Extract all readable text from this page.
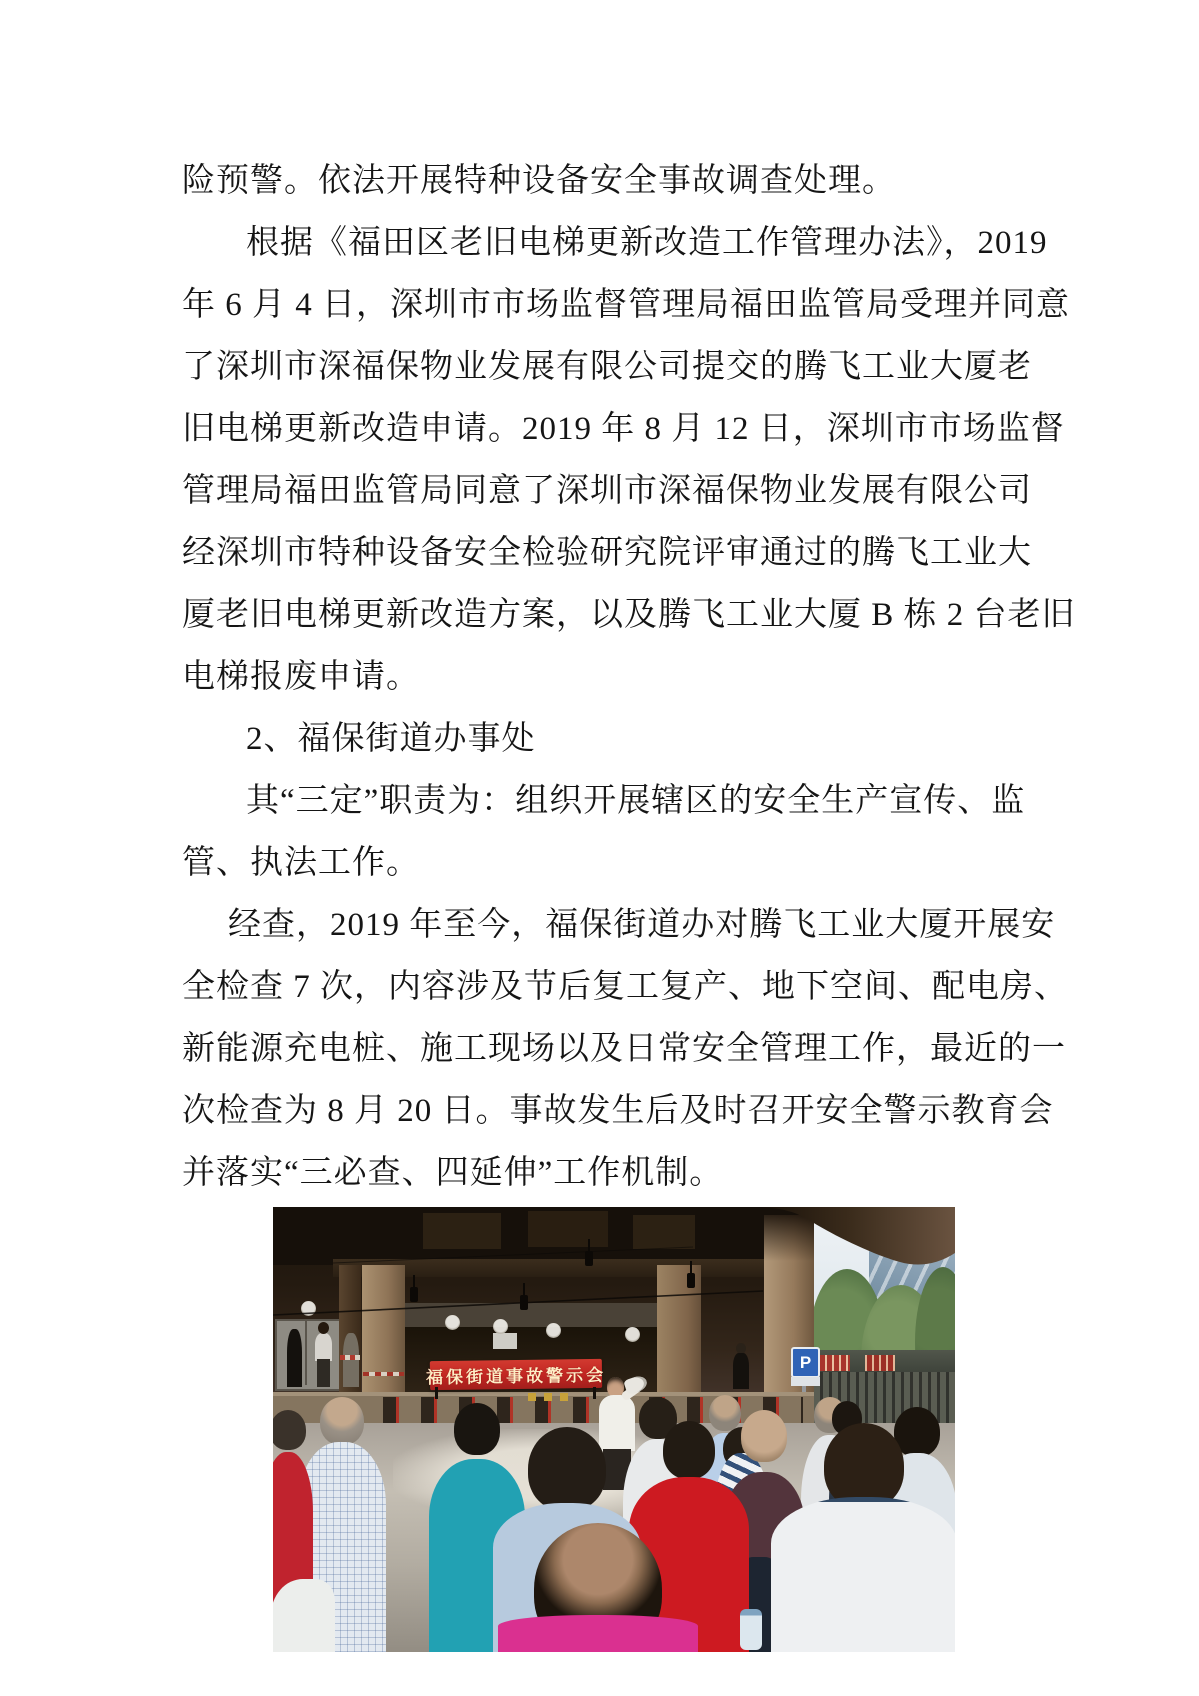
险预警。依法开展特种设备安全事故调查处理。
根据《福田区老旧电梯更新改造工作管理办法》，2019
年 6 月 4 日，深圳市市场监督管理局福田监管局受理并同意
了深圳市深福保物业发展有限公司提交的腾飞工业大厦老
旧电梯更新改造申请。2019 年 8 月 12 日，深圳市市场监督
管理局福田监管局同意了深圳市深福保物业发展有限公司
经深圳市特种设备安全检验研究院评审通过的腾飞工业大
厦老旧电梯更新改造方案，以及腾飞工业大厦 B 栋 2 台老旧
电梯报废申请。
2、福保街道办事处
其“三定”职责为：组织开展辖区的安全生产宣传、监
管、执法工作。
经查，2019 年至今，福保街道办对腾飞工业大厦开展安
全检查 7 次，内容涉及节后复工复产、地下空间、配电房、
新能源充电桩、施工现场以及日常安全管理工作，最近的一
次检查为 8 月 20 日。事故发生后及时召开安全警示教育会
并落实“三必查、四延伸”工作机制。
P
福保街道事故警示会
